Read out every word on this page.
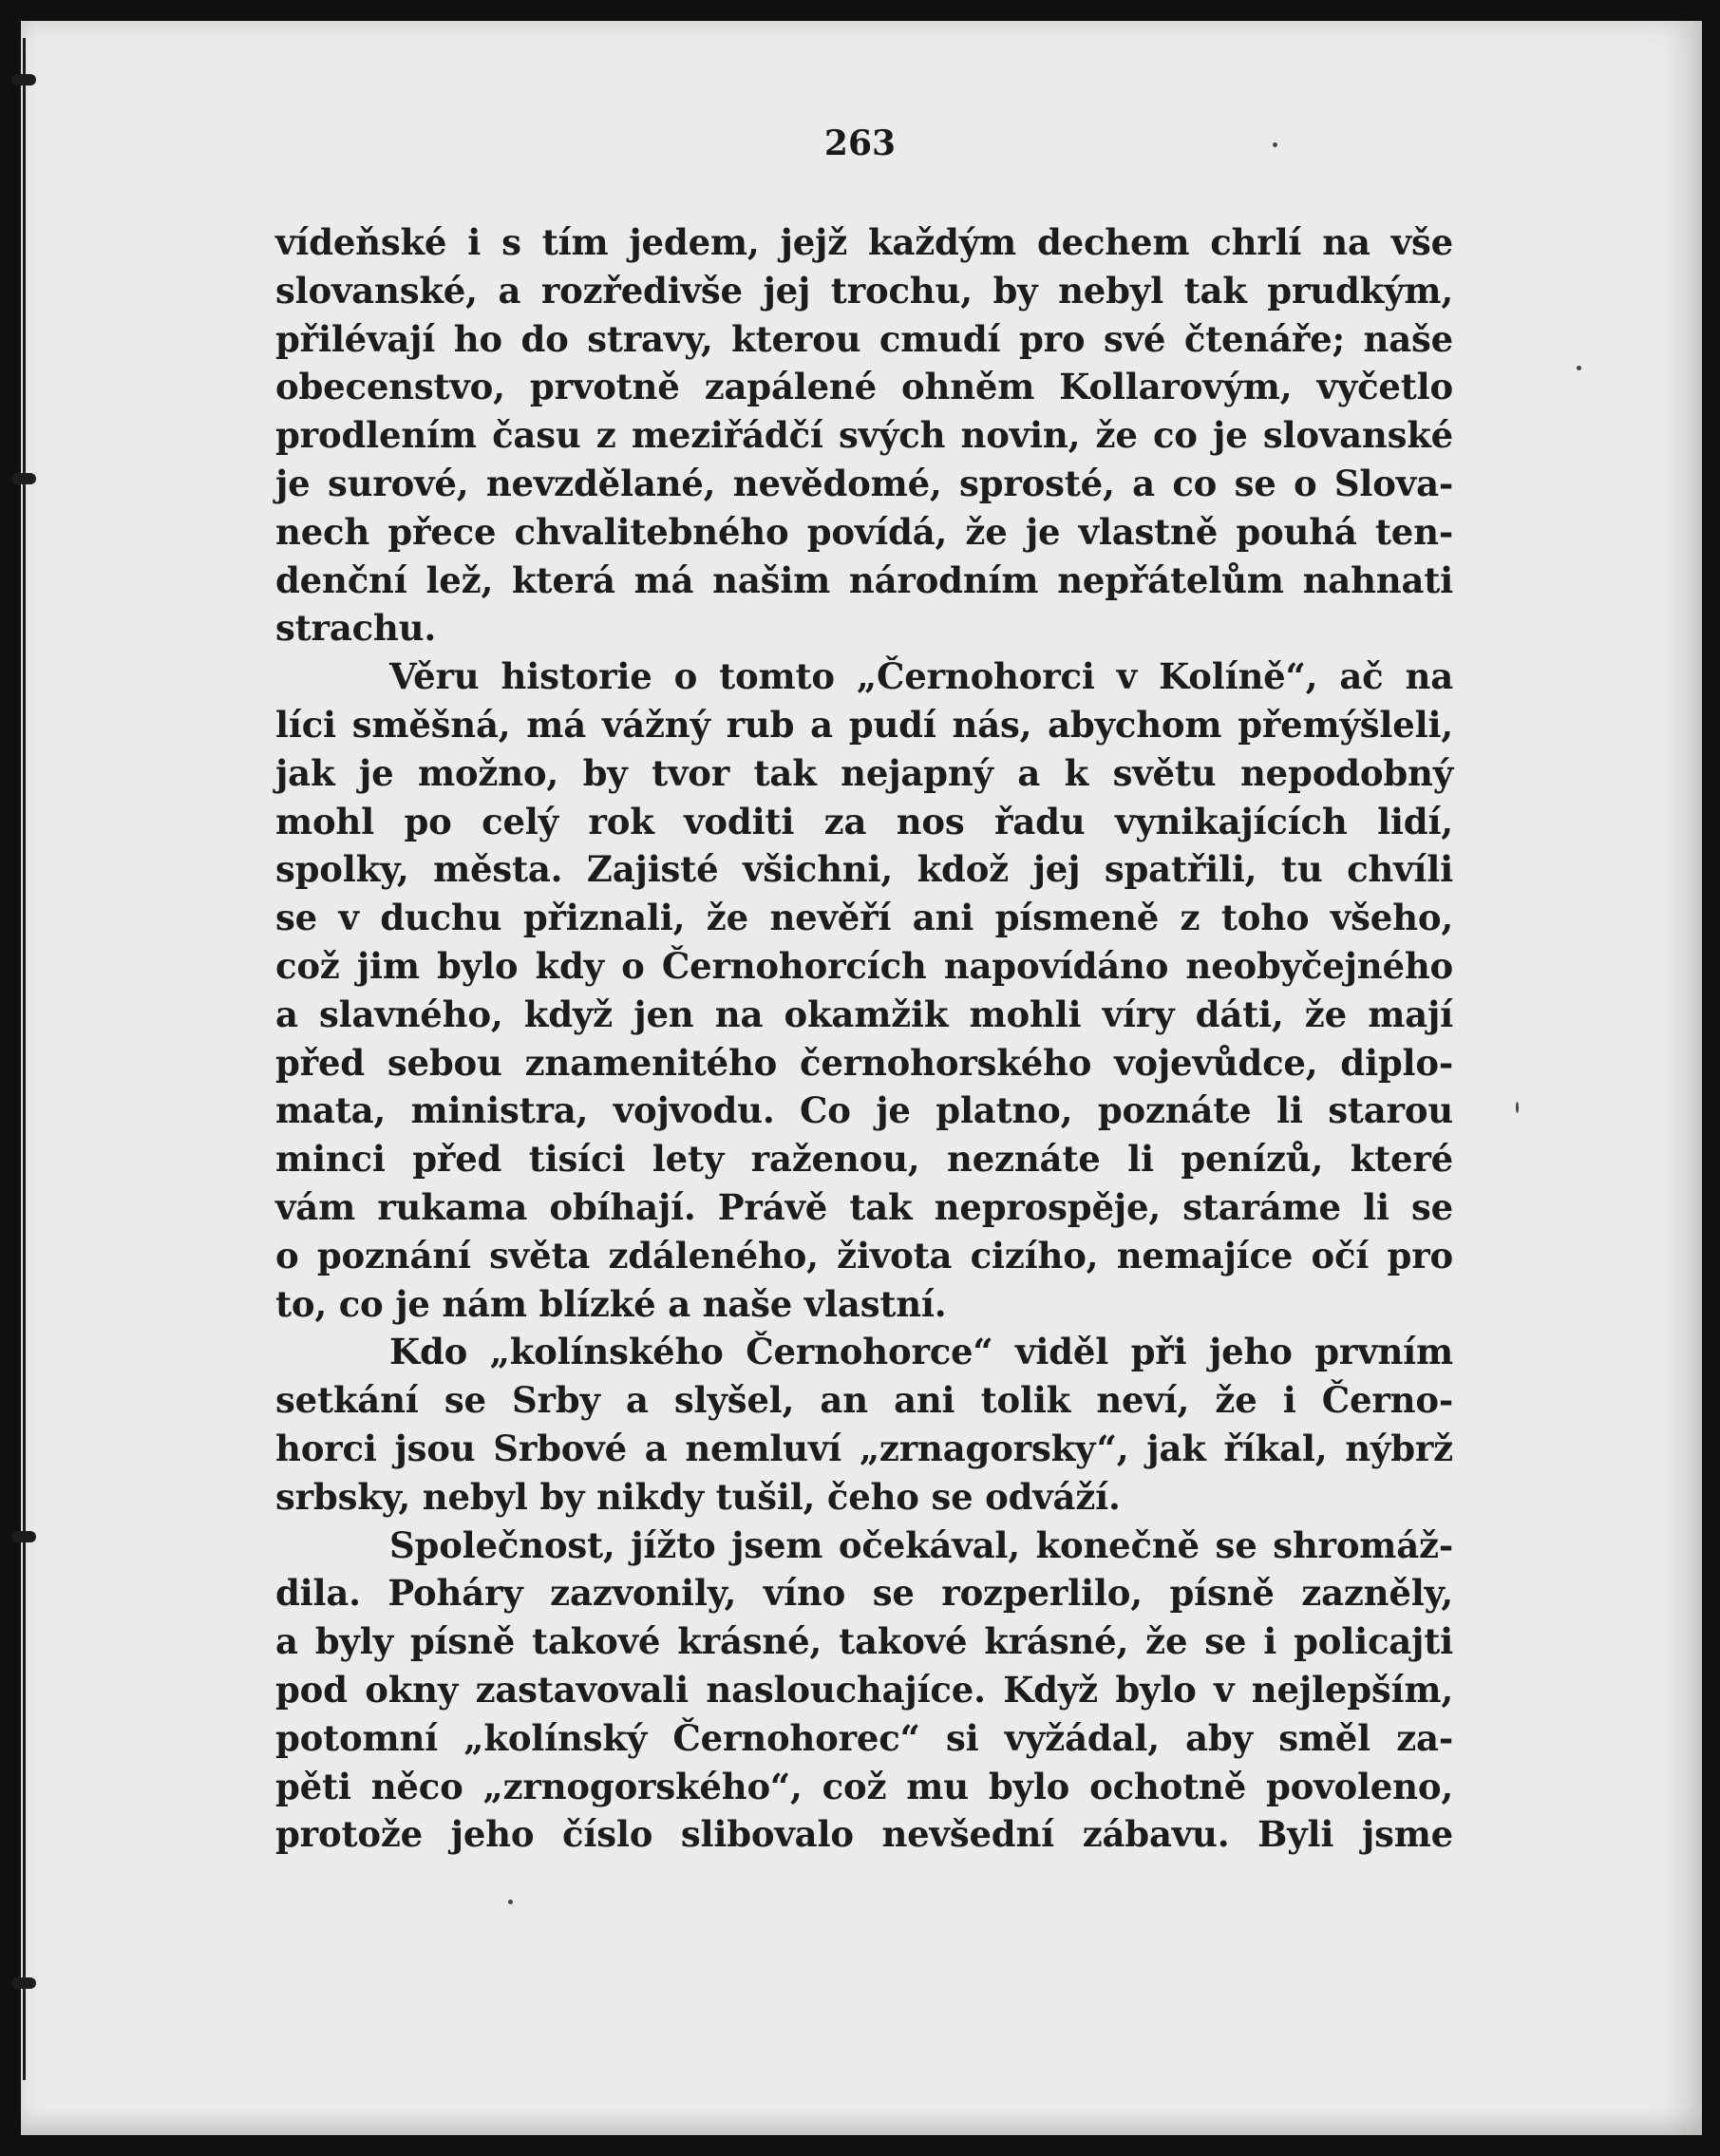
263
vídeňské i s tím jedem, jejž každým dechem chrlí na vše
slovanské, a rozředivše jej trochu, by nebyl tak prudkým,
přilévají ho do stravy, kterou cmudí pro své čtenáře; naše
obecenstvo, prvotně zapálené ohněm Kollarovým, vyčetlo
prodlením času z meziřádčí svých novin, že co je slovanské
je surové, nevzdělané, nevědomé, sprosté, a co se o Slova-
nech přece chvalitebného povídá, že je vlastně pouhá ten-
denční lež, která má našim národním nepřátelům nahnati
strachu.
Věru historie o tomto „Černohorci v Kolíně“, ač na
líci směšná, má vážný rub a pudí nás, abychom přemýšleli,
jak je možno, by tvor tak nejapný a k světu nepodobný
mohl po celý rok voditi za nos řadu vynikajících lidí,
spolky, města. Zajisté všichni, kdož jej spatřili, tu chvíli
se v duchu přiznali, že nevěří ani písmeně z toho všeho,
což jim bylo kdy o Černohorcích napovídáno neobyčejného
a slavného, když jen na okamžik mohli víry dáti, že mají
před sebou znamenitého černohorského vojevůdce, diplo-
mata, ministra, vojvodu. Co je platno, poznáte li starou
minci před tisíci lety raženou, neznáte li penízů, které
vám rukama obíhají. Právě tak neprospěje, staráme li se
o poznání světa zdáleného, života cizího, nemajíce očí pro
to, co je nám blízké a naše vlastní.
Kdo „kolínského Černohorce“ viděl při jeho prvním
setkání se Srby a slyšel, an ani tolik neví, že i Černo-
horci jsou Srbové a nemluví „zrnagorsky“, jak říkal, nýbrž
srbsky, nebyl by nikdy tušil, čeho se odváží.
Společnost, jížto jsem očekával, konečně se shromáž-
dila. Poháry zazvonily, víno se rozperlilo, písně zazněly,
a byly písně takové krásné, takové krásné, že se i policajti
pod okny zastavovali naslouchajíce. Když bylo v nejlepším,
potomní „kolínský Černohorec“ si vyžádal, aby směl za-
pěti něco „zrnogorského“, což mu bylo ochotně povoleno,
protože jeho číslo slibovalo nevšední zábavu. Byli jsme
